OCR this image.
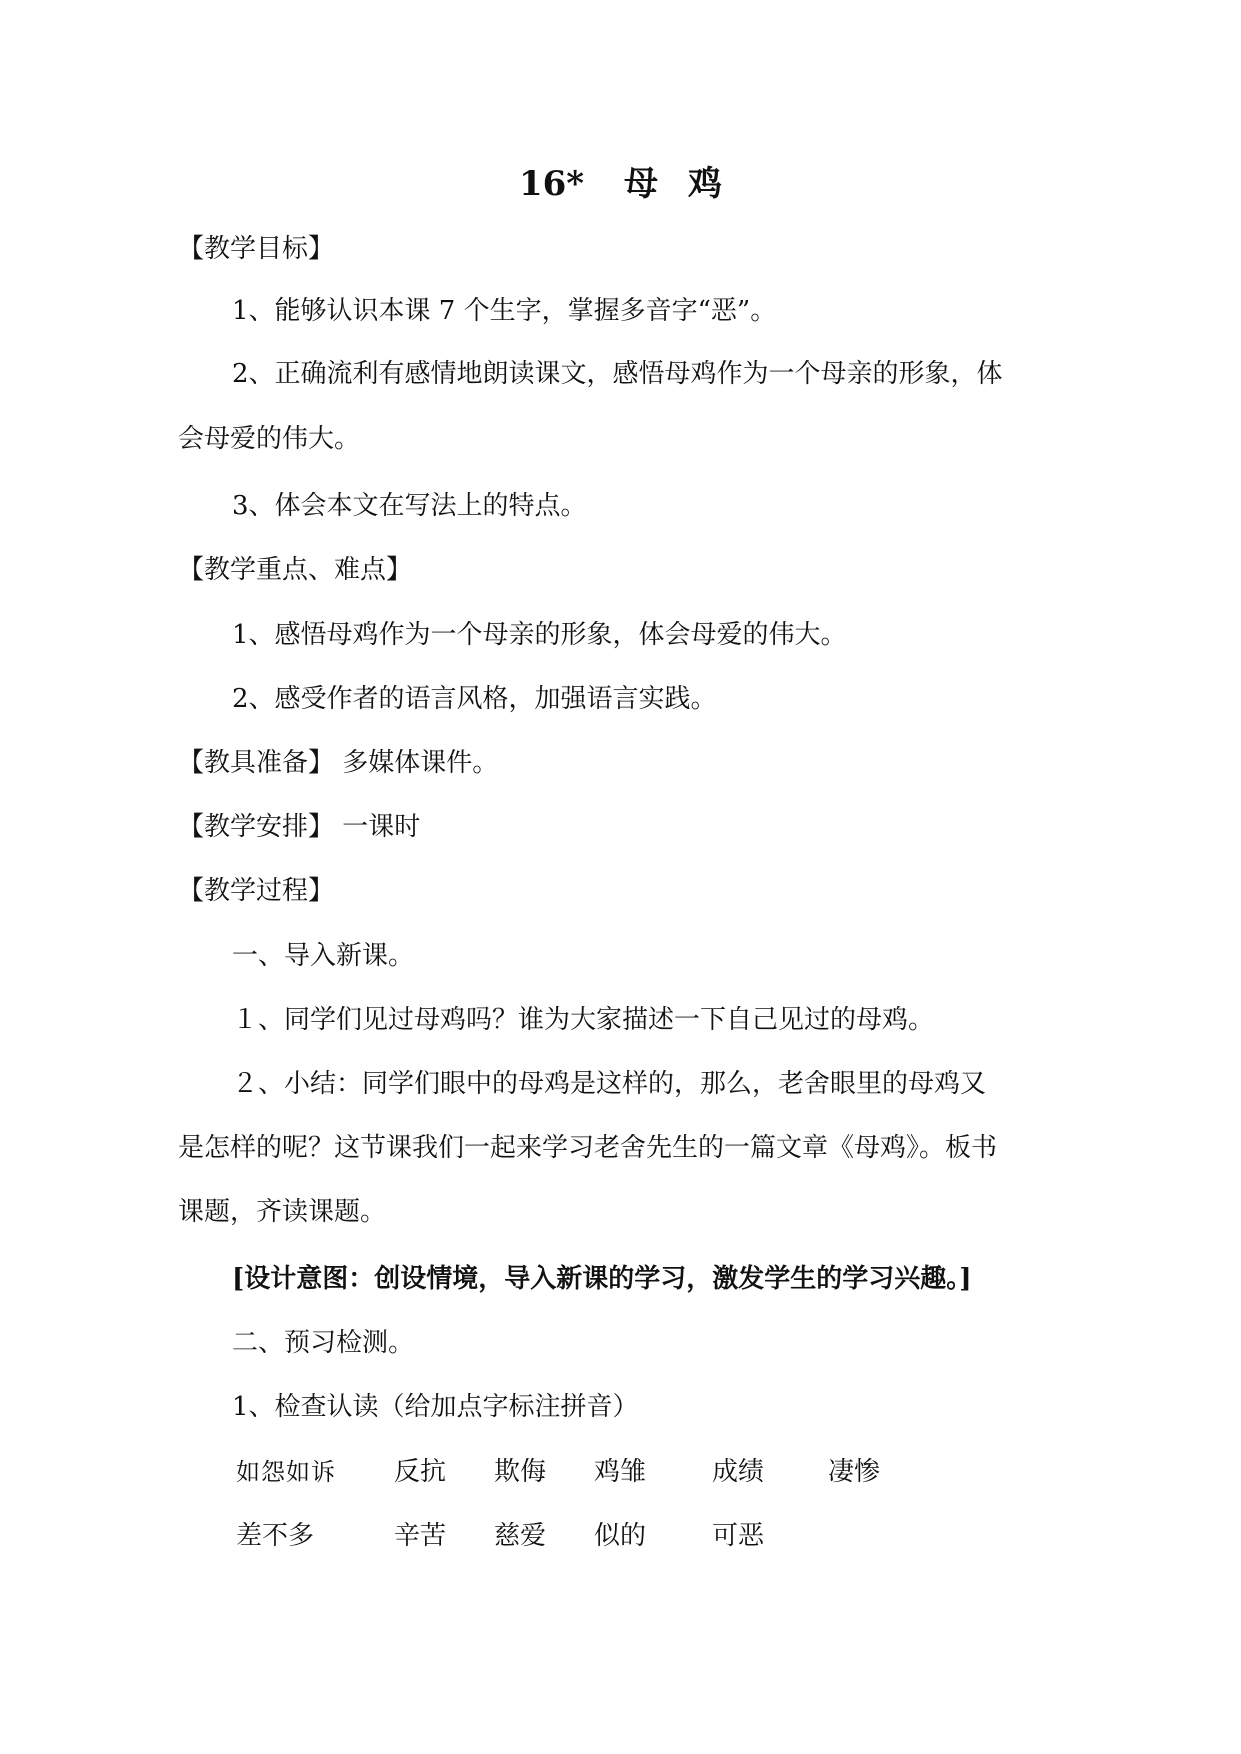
16* 母 鸡
【教学目标】
1、能够认识本课 7 个生字，掌握多音字“恶”。
2、正确流利有感情地朗读课文，感悟母鸡作为一个母亲的形象，体
会母爱的伟大。
3、体会本文在写法上的特点。
【教学重点、难点】
1、感悟母鸡作为一个母亲的形象，体会母爱的伟大。
2、感受作者的语言风格，加强语言实践。
【教具准备】 多媒体课件。
【教学安排】 一课时
【教学过程】
一、导入新课。
１、同学们见过母鸡吗？谁为大家描述一下自己见过的母鸡。
２、小结：同学们眼中的母鸡是这样的，那么，老舍眼里的母鸡又
是怎样的呢？这节课我们一起来学习老舍先生的一篇文章《母鸡》。板书
课题，齐读课题。
[设计意图：创设情境，导入新课的学习，激发学生的学习兴趣。]
二、预习检测。
1、检查认读（给加点字标注拼音）
如怨如诉 反抗 欺侮 鸡雏	成绩 凄惨
差不多	辛苦 慈爱 似的	可恶
